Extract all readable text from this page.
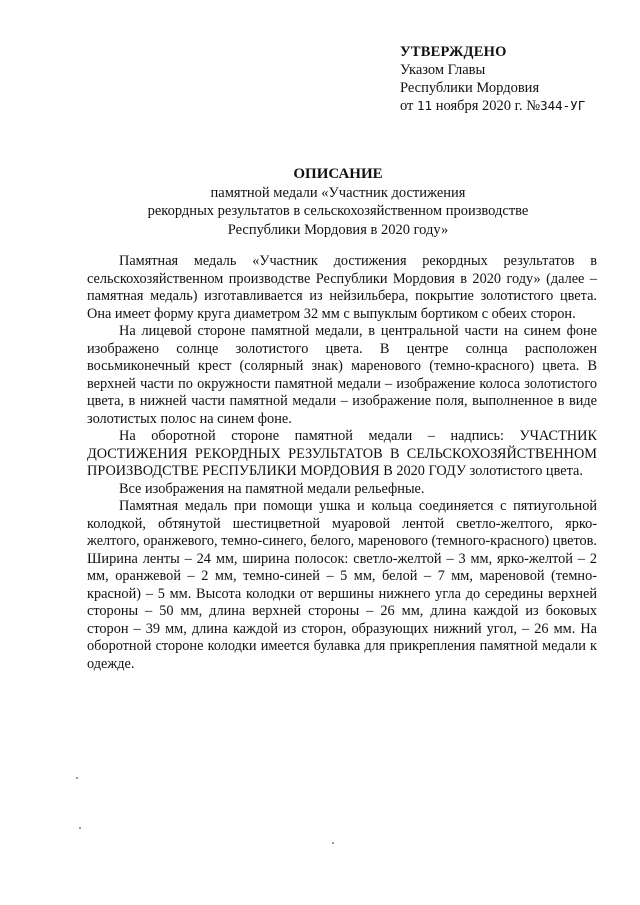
УТВЕРЖДЕНО
Указом Главы
Республики Мордовия
от 11 ноября 2020 г. №344-УГ
ОПИСАНИЕ
памятной медали «Участник достижения
рекордных результатов в сельскохозяйственном производстве
Республики Мордовия в 2020 году»

Памятная медаль «Участник достижения рекордных результатов в сельскохозяйственном производстве Республики Мордовия в 2020 году» (далее – памятная медаль) изготавливается из нейзильбера, покрытие золотистого цвета. Она имеет форму круга диаметром 32 мм с выпуклым бортиком с обеих сторон.

На лицевой стороне памятной медали, в центральной части на синем фоне изображено солнце золотистого цвета. В центре солнца расположен восьмиконечный крест (солярный знак) маренового (темно-красного) цвета. В верхней части по окружности памятной медали – изображение колоса золотистого цвета, в нижней части памятной медали – изображение поля, выполненное в виде золотистых полос на синем фоне.

На оборотной стороне памятной медали – надпись: УЧАСТНИК ДОСТИЖЕНИЯ РЕКОРДНЫХ РЕЗУЛЬТАТОВ В СЕЛЬСКОХОЗЯЙСТВЕННОМ ПРОИЗВОДСТВЕ РЕСПУБЛИКИ МОРДОВИЯ В 2020 ГОДУ золотистого цвета.

Все изображения на памятной медали рельефные.

Памятная медаль при помощи ушка и кольца соединяется с пятиугольной колодкой, обтянутой шестицветной муаровой лентой светло-желтого, ярко-желтого, оранжевого, темно-синего, белого, маренового (темного-красного) цветов. Ширина ленты – 24 мм, ширина полосок: светло-желтой – 3 мм, ярко-желтой – 2 мм, оранжевой – 2 мм, темно-синей – 5 мм, белой – 7 мм, мареновой (темно-красной) – 5 мм. Высота колодки от вершины нижнего угла до середины верхней стороны – 50 мм, длина верхней стороны – 26 мм, длина каждой из боковых сторон – 39 мм, длина каждой из сторон, образующих нижний угол, – 26 мм. На оборотной стороне колодки имеется булавка для прикрепления памятной медали к одежде.
